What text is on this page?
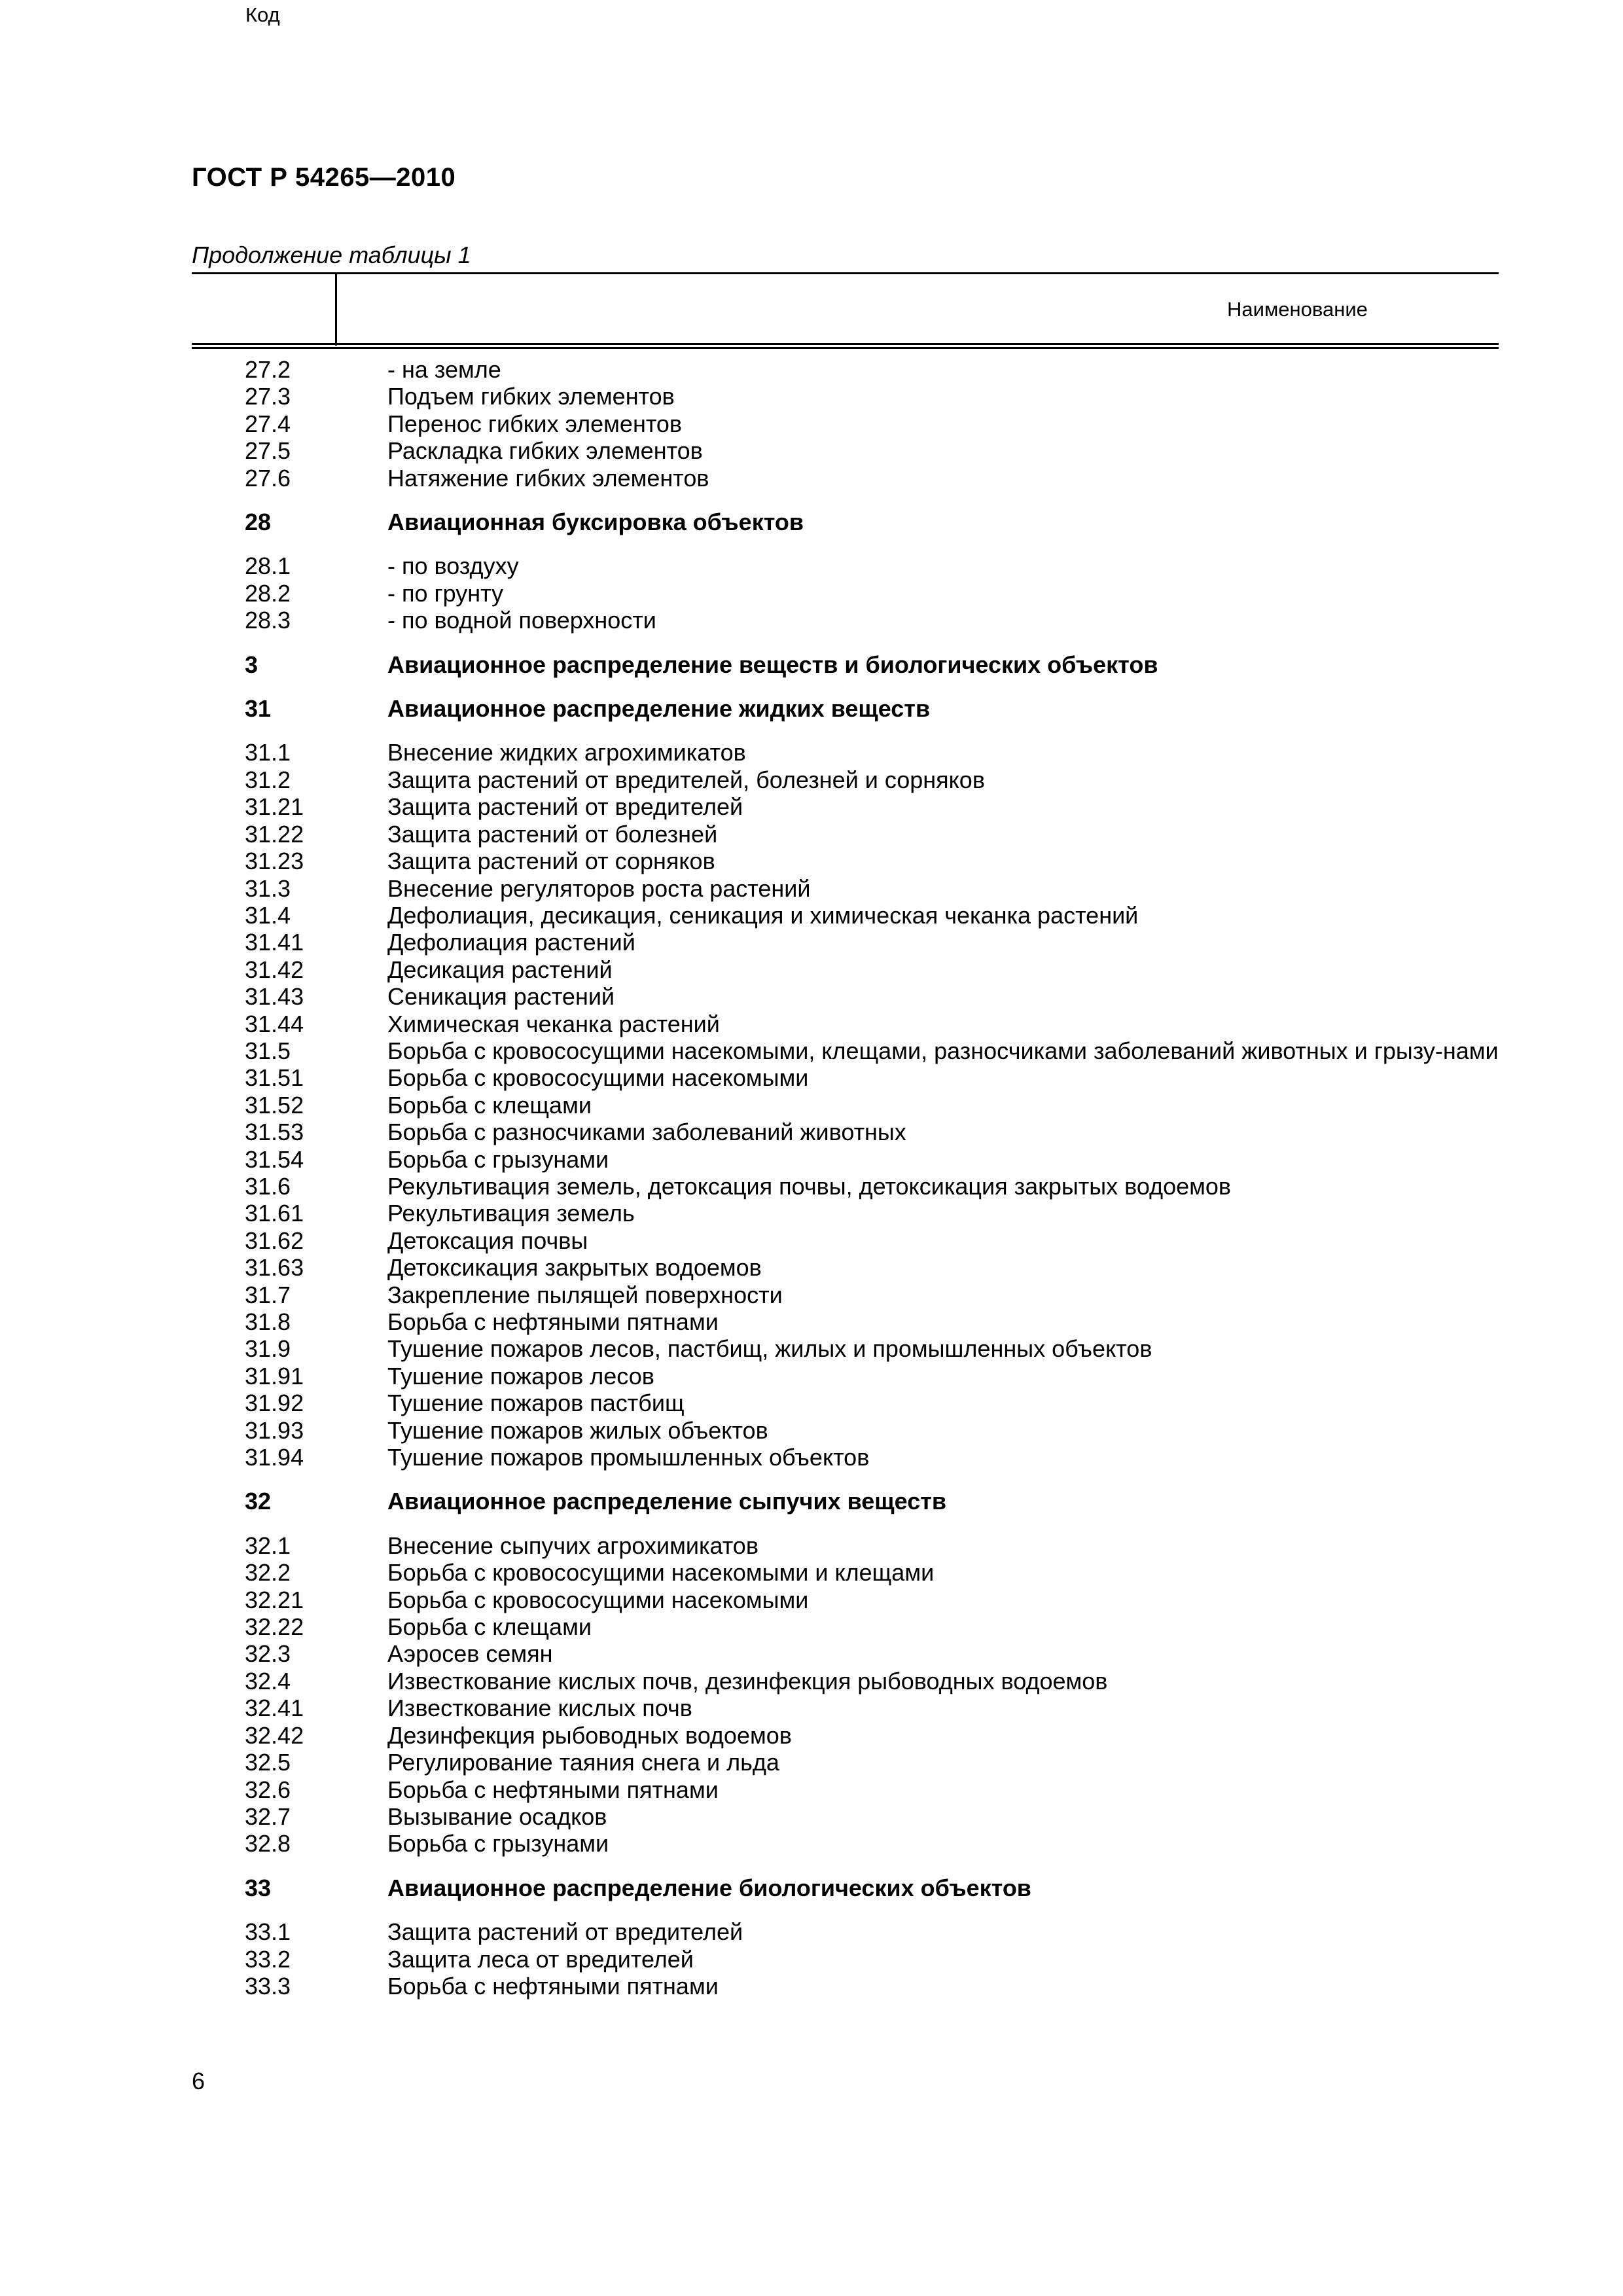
ГОСТ Р 54265—2010
Продолжение таблицы 1
Код
Наименование
27.2	- на земле
27.3	Подъем гибких элементов
27.4	Перенос гибких элементов
27.5	Раскладка гибких элементов
27.6	Натяжение гибких элементов
28	Авиационная буксировка объектов
28.1	- по воздуху
28.2	- по грунту
28.3	- по водной поверхности
3	Авиационное распределение веществ и биологических объектов
31	Авиационное распределение жидких веществ
31.1	Внесение жидких агрохимикатов
31.2	Защита растений от вредителей, болезней и сорняков
31.21	Защита растений от вредителей
31.22	Защита растений от болезней
31.23	Защита растений от сорняков
31.3	Внесение регуляторов роста растений
31.4	Дефолиация, десикация, сеникация и химическая чеканка растений
31.41	Дефолиация растений
31.42	Десикация растений
31.43	Сеникация растений
31.44	Химическая чеканка растений
31.5	Борьба с кровососущими насекомыми, клещами, разносчиками заболеваний животных и грызу-нами
31.51	Борьба с кровососущими насекомыми
31.52	Борьба с клещами
31.53	Борьба с разносчиками заболеваний животных
31.54	Борьба с грызунами
31.6	Рекультивация земель, детоксация почвы, детоксикация закрытых водоемов
31.61	Рекультивация земель
31.62	Детоксация почвы
31.63	Детоксикация закрытых водоемов
31.7	Закрепление пылящей поверхности
31.8	Борьба с нефтяными пятнами
31.9	Тушение пожаров лесов, пастбищ, жилых и промышленных объектов
31.91	Тушение пожаров лесов
31.92	Тушение пожаров пастбищ
31.93	Тушение пожаров жилых объектов
31.94	Тушение пожаров промышленных объектов
32	Авиационное распределение сыпучих веществ
32.1	Внесение сыпучих агрохимикатов
32.2	Борьба с кровососущими насекомыми и клещами
32.21	Борьба с кровососущими насекомыми
32.22	Борьба с клещами
32.3	Аэросев семян
32.4	Известкование кислых почв, дезинфекция рыбоводных водоемов
32.41	Известкование кислых почв
32.42	Дезинфекция рыбоводных водоемов
32.5	Регулирование таяния снега и льда
32.6	Борьба с нефтяными пятнами
32.7	Вызывание осадков
32.8	Борьба с грызунами
33	Авиационное распределение биологических объектов
33.1	Защита растений от вредителей
33.2	Защита леса от вредителей
33.3	Борьба с нефтяными пятнами
6
